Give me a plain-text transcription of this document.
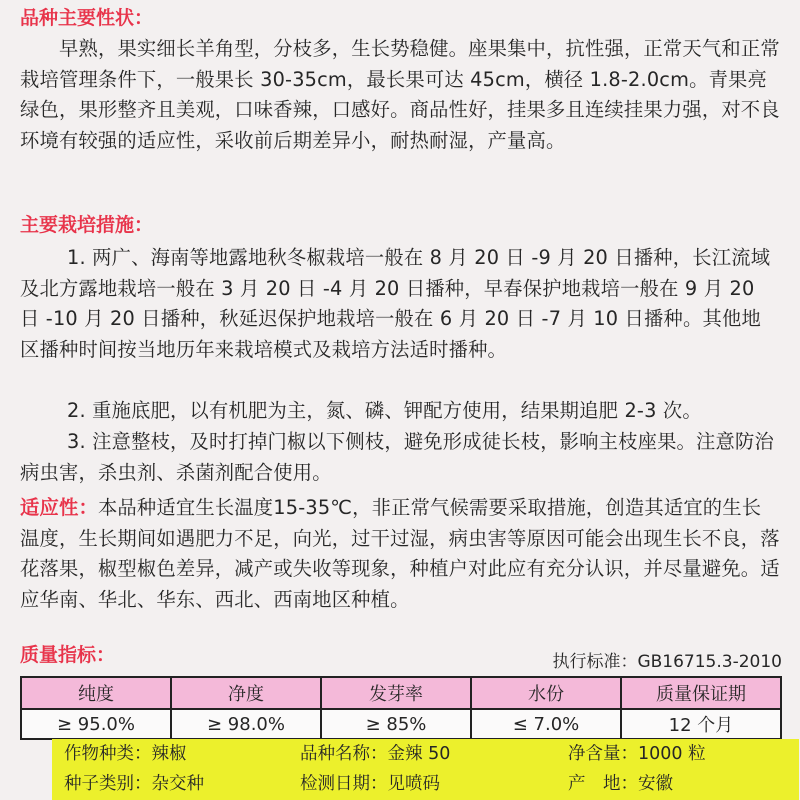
品种主要性状：

早熟，果实细长羊角型，分枝多，生长势稳健。座果集中，抗性强，正常天气和正常栽培管理条件下，一般果长 30-35cm，最长果可达 45cm，横径 1.8-2.0cm。青果亮绿色，果形整齐且美观，口味香辣，口感好。商品性好，挂果多且连续挂果力强，对不良环境有较强的适应性，采收前后期差异小，耐热耐湿，产量高。

主要栽培措施：

1. 两广、海南等地露地秋冬椒栽培一般在 8 月 20 日 -9 月 20 日播种，长江流域及北方露地栽培一般在 3 月 20 日 -4 月 20 日播种，早春保护地栽培一般在 9 月 20 日 -10 月 20 日播种，秋延迟保护地栽培一般在 6 月 20 日 -7 月 10 日播种。其他地区播种时间按当地历年来栽培模式及栽培方法适时播种。

2. 重施底肥，以有机肥为主，氮、磷、钾配方使用，结果期追肥 2-3 次。

3. 注意整枝，及时打掉门椒以下侧枝，避免形成徒长枝，影响主枝座果。注意防治病虫害，杀虫剂、杀菌剂配合使用。

适应性：本品种适宜生长温度15-35℃，非正常气候需要采取措施，创造其适宜的生长温度，生长期间如遇肥力不足，向光，过干过湿，病虫害等原因可能会出现生长不良，落花落果，椒型椒色差异，减产或失收等现象，种植户对此应有充分认识，并尽量避免。适应华南、华北、华东、西北、西南地区种植。

质量指标：	执行标准：GB16715.3-2010
纯度	净度	发芽率	水份	质量保证期
≥ 95.0%	≥ 98.0%	≥ 85%	≤ 7.0%	12 个月
作物种类：辣椒	品种名称：金辣 50	净含量：1000 粒
种子类别：杂交种	检测日期：见喷码	产　地：安徽
